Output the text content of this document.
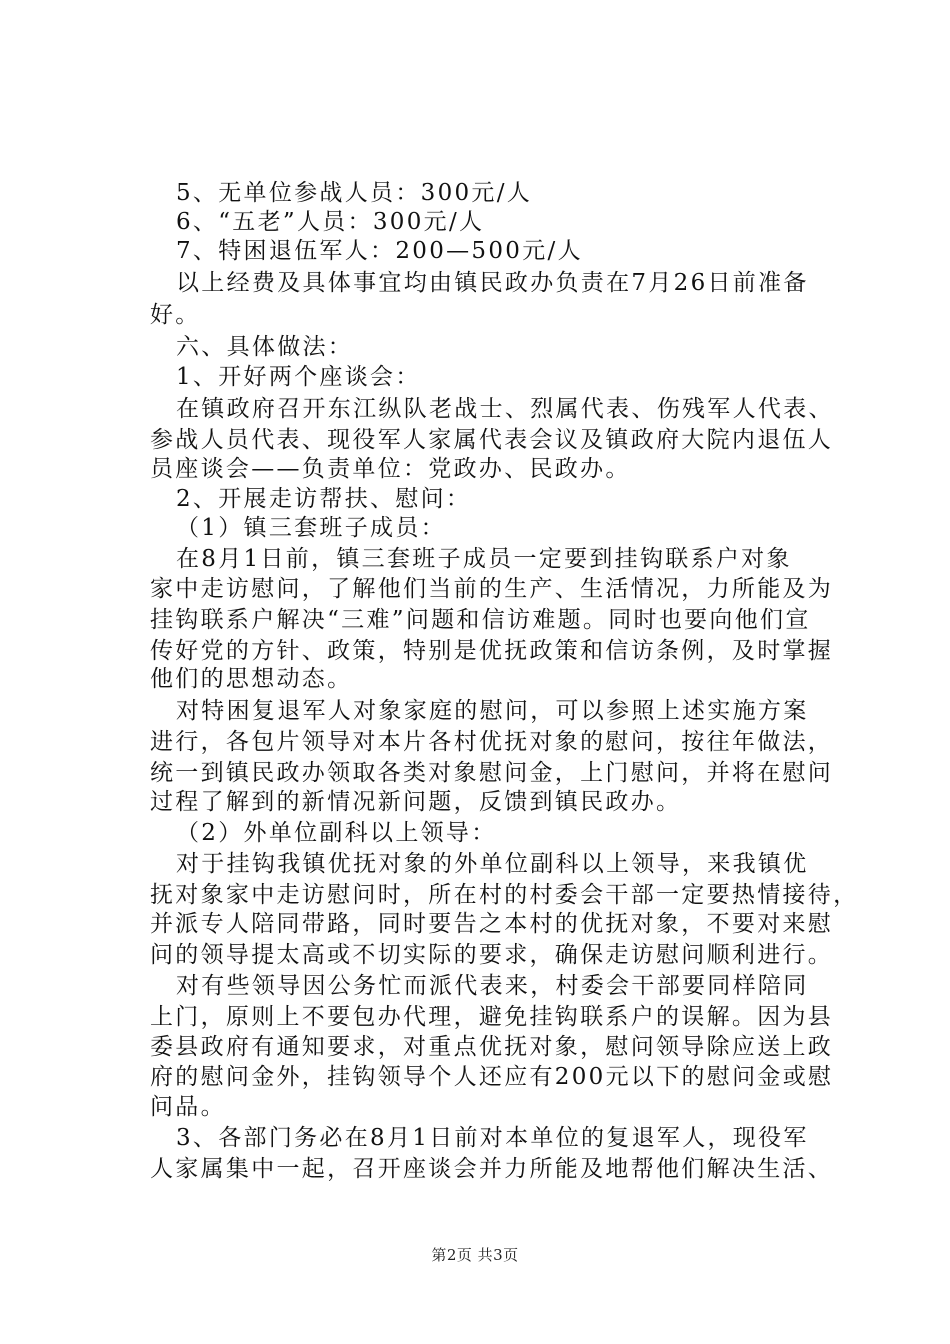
5、无单位参战人员：300元/人
6、“五老”人员：300元/人
7、特困退伍军人：200—500元/人
以上经费及具体事宜均由镇民政办负责在7月26日前准备
好。
六、具体做法：
1、开好两个座谈会：
在镇政府召开东江纵队老战士、烈属代表、伤残军人代表、
参战人员代表、现役军人家属代表会议及镇政府大院内退伍人
员座谈会——负责单位：党政办、民政办。
2、开展走访帮扶、慰问：
（1）镇三套班子成员：
在8月1日前，镇三套班子成员一定要到挂钩联系户对象
家中走访慰问，了解他们当前的生产、生活情况，力所能及为
挂钩联系户解决“三难”问题和信访难题。同时也要向他们宣
传好党的方针、政策，特别是优抚政策和信访条例，及时掌握
他们的思想动态。
对特困复退军人对象家庭的慰问，可以参照上述实施方案
进行，各包片领导对本片各村优抚对象的慰问，按往年做法，
统一到镇民政办领取各类对象慰问金，上门慰问，并将在慰问
过程了解到的新情况新问题，反馈到镇民政办。
（2）外单位副科以上领导：
对于挂钩我镇优抚对象的外单位副科以上领导，来我镇优
抚对象家中走访慰问时，所在村的村委会干部一定要热情接待，
并派专人陪同带路，同时要告之本村的优抚对象，不要对来慰
问的领导提太高或不切实际的要求，确保走访慰问顺利进行。
对有些领导因公务忙而派代表来，村委会干部要同样陪同
上门，原则上不要包办代理，避免挂钩联系户的误解。因为县
委县政府有通知要求，对重点优抚对象，慰问领导除应送上政
府的慰问金外，挂钩领导个人还应有200元以下的慰问金或慰
问品。
3、各部门务必在8月1日前对本单位的复退军人，现役军
人家属集中一起，召开座谈会并力所能及地帮他们解决生活、
第2页 共3页
